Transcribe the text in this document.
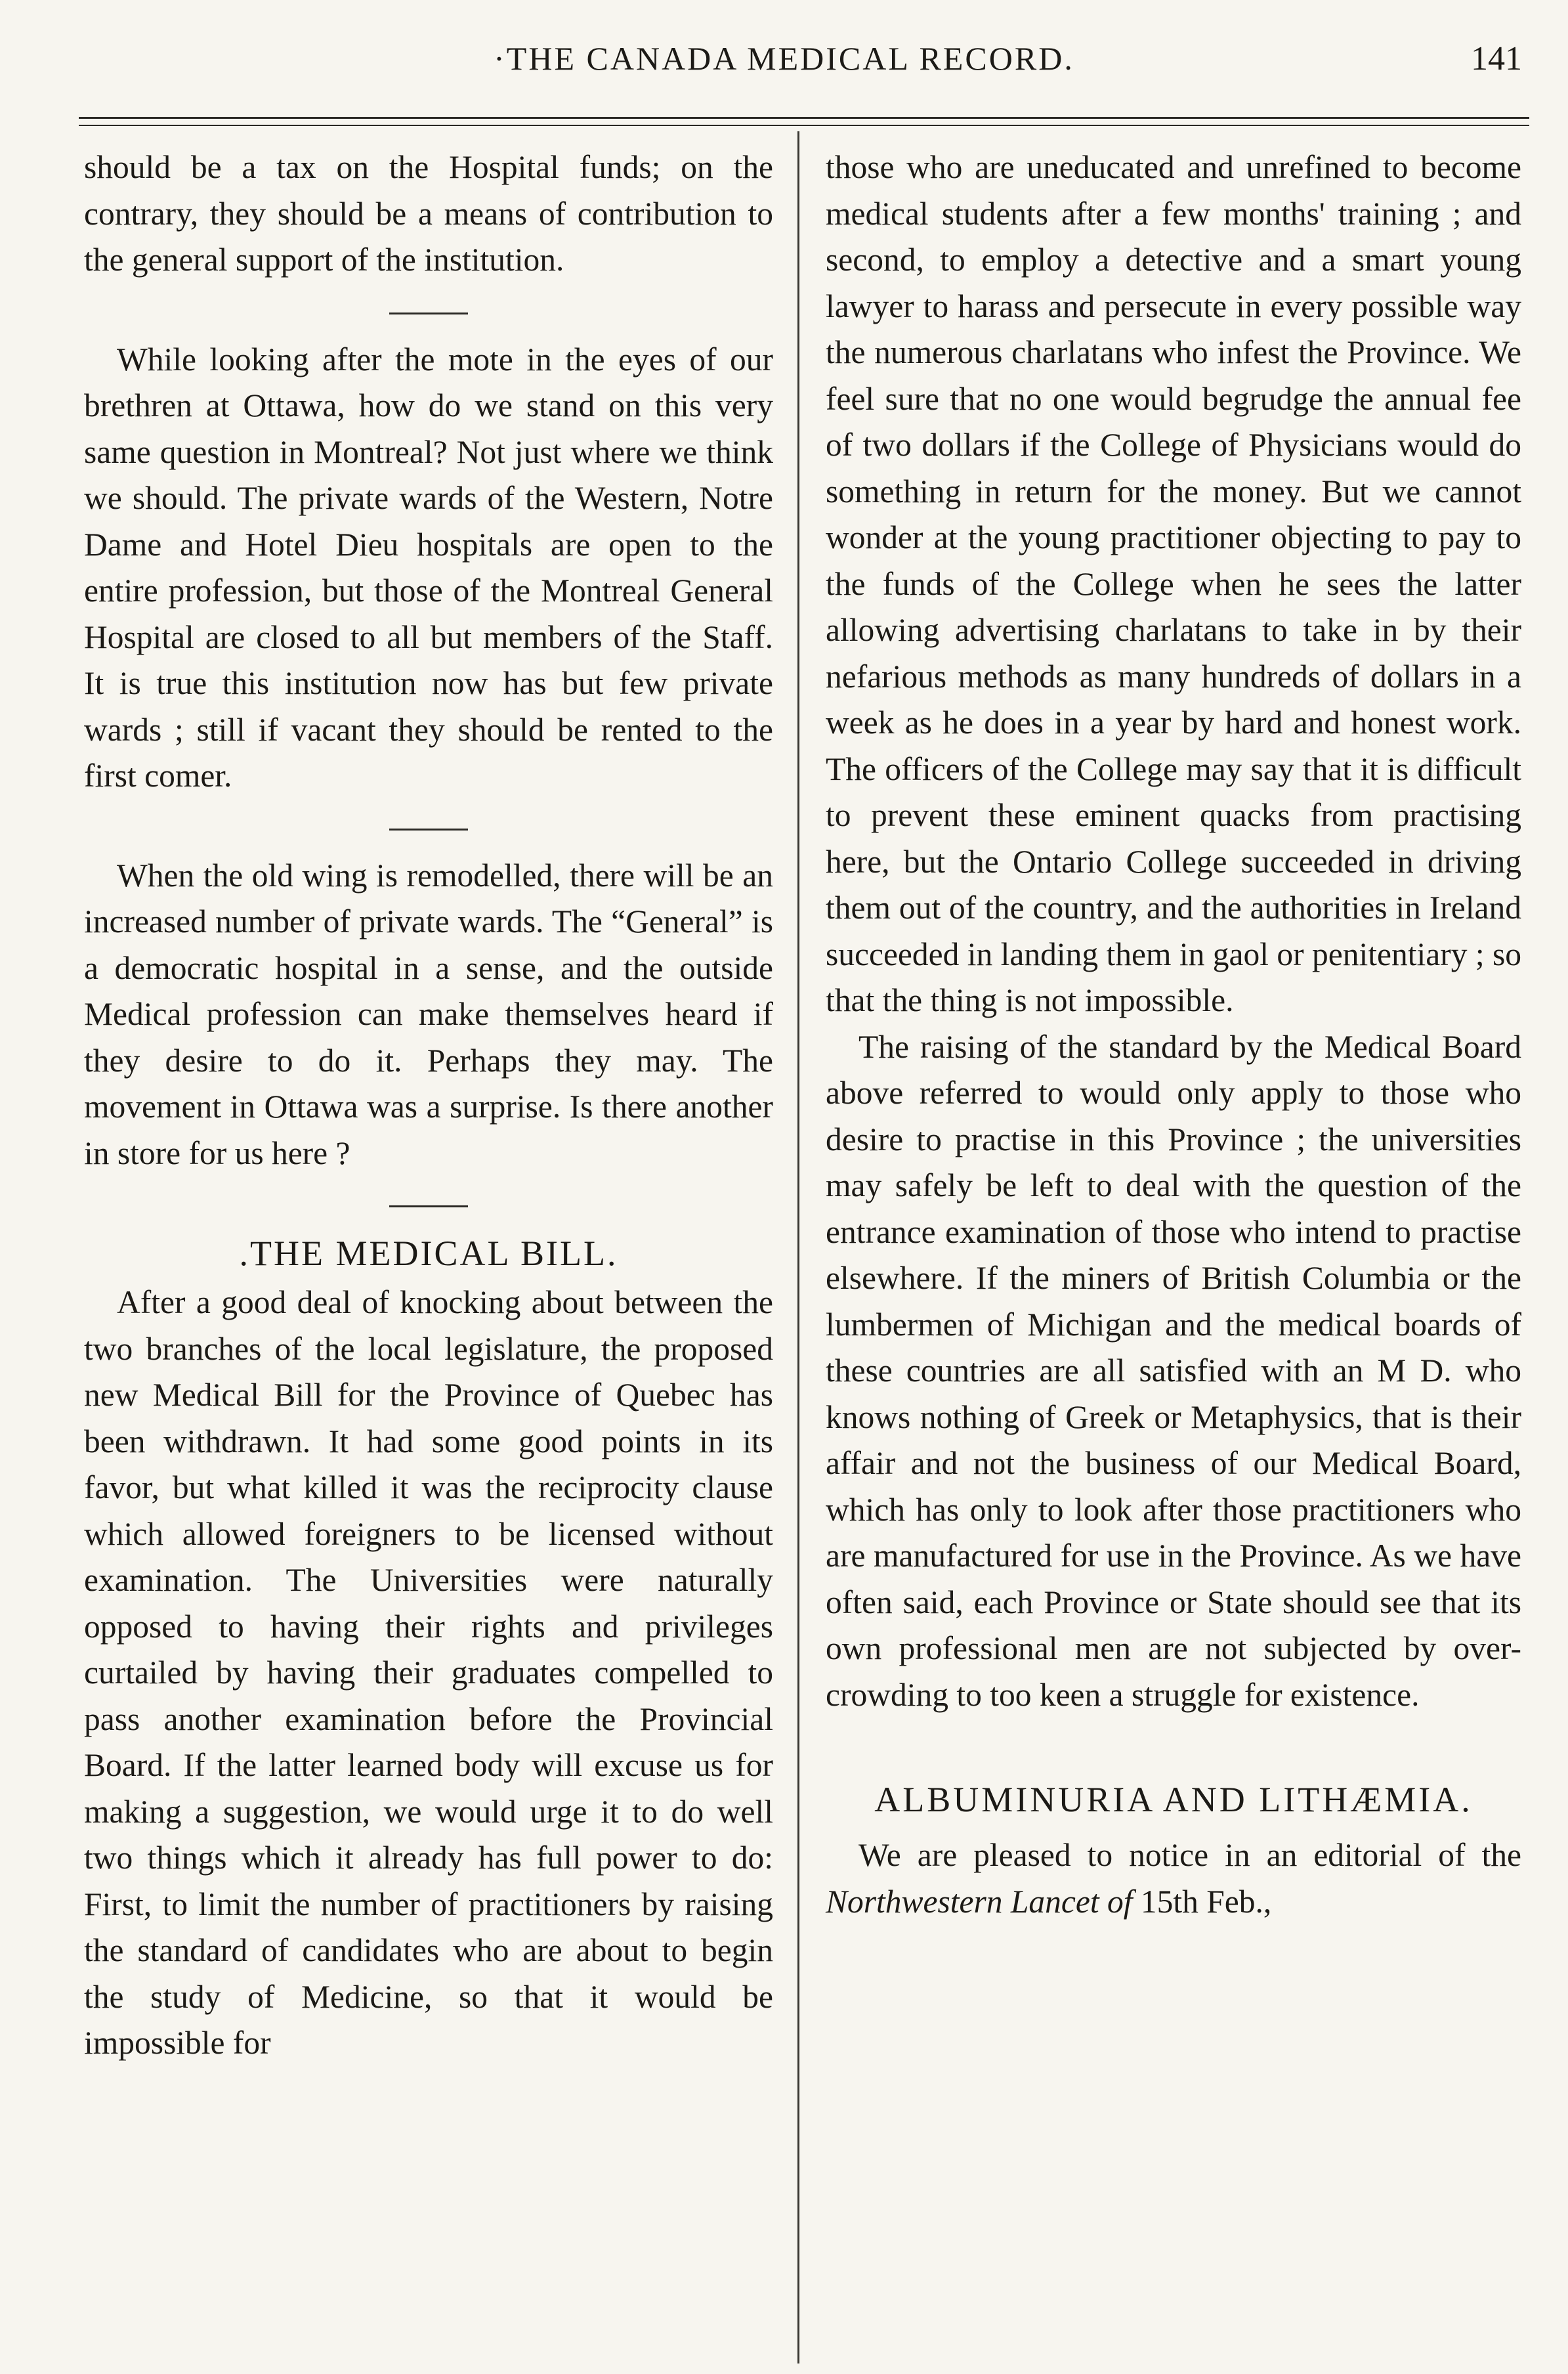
·THE CANADA MEDICAL RECORD.	141

should be a tax on the Hospital funds; on the contrary, they should be a means of contribution to the general support of the institution.

While looking after the mote in the eyes of our brethren at Ottawa, how do we stand on this very same question in Montreal? Not just where we think we should. The private wards of the Western, Notre Dame and Hotel Dieu hospitals are open to the entire profession, but those of the Montreal General Hospital are closed to all but members of the Staff. It is true this institution now has but few private wards ; still if vacant they should be rented to the first comer.

When the old wing is remodelled, there will be an increased number of private wards. The “General” is a democratic hospital in a sense, and the outside Medical profession can make themselves heard if they desire to do it. Perhaps they may. The movement in Ottawa was a surprise. Is there another in store for us here ?

.THE MEDICAL BILL.

After a good deal of knocking about between the two branches of the local legislature, the proposed new Medical Bill for the Province of Quebec has been withdrawn. It had some good points in its favor, but what killed it was the reciprocity clause which allowed foreigners to be licensed without examination. The Universities were naturally opposed to having their rights and privileges curtailed by having their graduates compelled to pass another examination before the Provincial Board. If the latter learned body will excuse us for making a suggestion, we would urge it to do well two things which it already has full power to do: First, to limit the number of practitioners by raising the standard of candidates who are about to begin the study of Medicine, so that it would be impossible for

those who are uneducated and unrefined to become medical students after a few months' training ; and second, to employ a detective and a smart young lawyer to harass and persecute in every possible way the numerous charlatans who infest the Province. We feel sure that no one would begrudge the annual fee of two dollars if the College of Physicians would do something in return for the money. But we cannot wonder at the young practitioner objecting to pay to the funds of the College when he sees the latter allowing advertising charlatans to take in by their nefarious methods as many hundreds of dollars in a week as he does in a year by hard and honest work. The officers of the College may say that it is difficult to prevent these eminent quacks from practising here, but the Ontario College succeeded in driving them out of the country, and the authorities in Ireland succeeded in landing them in gaol or penitentiary ; so that the thing is not impossible.

The raising of the standard by the Medical Board above referred to would only apply to those who desire to practise in this Province ; the universities may safely be left to deal with the question of the entrance examination of those who intend to practise elsewhere. If the miners of British Columbia or the lumbermen of Michigan and the medical boards of these countries are all satisfied with an M D. who knows nothing of Greek or Metaphysics, that is their affair and not the business of our Medical Board, which has only to look after those practitioners who are manufactured for use in the Province. As we have often said, each Province or State should see that its own professional men are not subjected by over-crowding to too keen a struggle for existence.

ALBUMINURIA AND LITHÆMIA.

We are pleased to notice in an editorial of the Northwestern Lancet of 15th Feb.,
